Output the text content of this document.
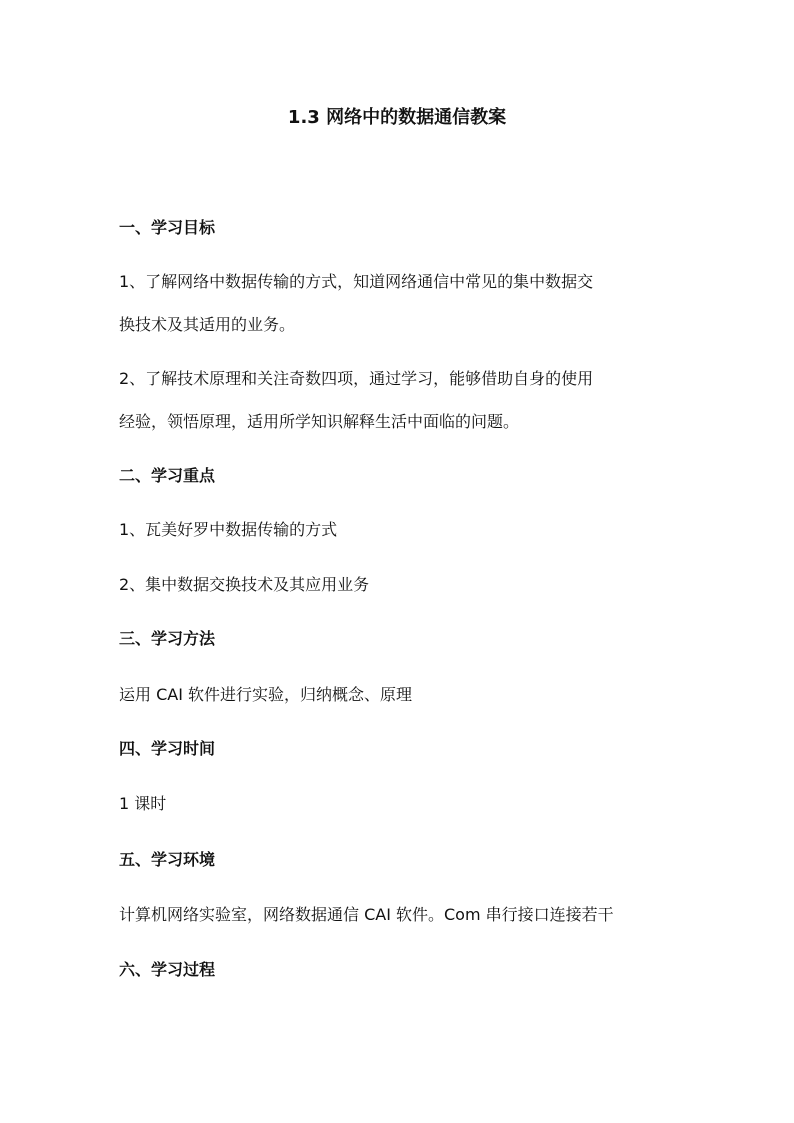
1.3 网络中的数据通信教案
一、学习目标
1、了解网络中数据传输的方式，知道网络通信中常见的集中数据交
换技术及其适用的业务。
2、了解技术原理和关注奇数四项，通过学习，能够借助自身的使用
经验，领悟原理，适用所学知识解释生活中面临的问题。
二、学习重点
1、瓦美好罗中数据传输的方式
2、集中数据交换技术及其应用业务
三、学习方法
运用 CAI 软件进行实验，归纳概念、原理
四、学习时间
1 课时
五、学习环境
计算机网络实验室，网络数据通信 CAI 软件。Com 串行接口连接若干
六、学习过程
